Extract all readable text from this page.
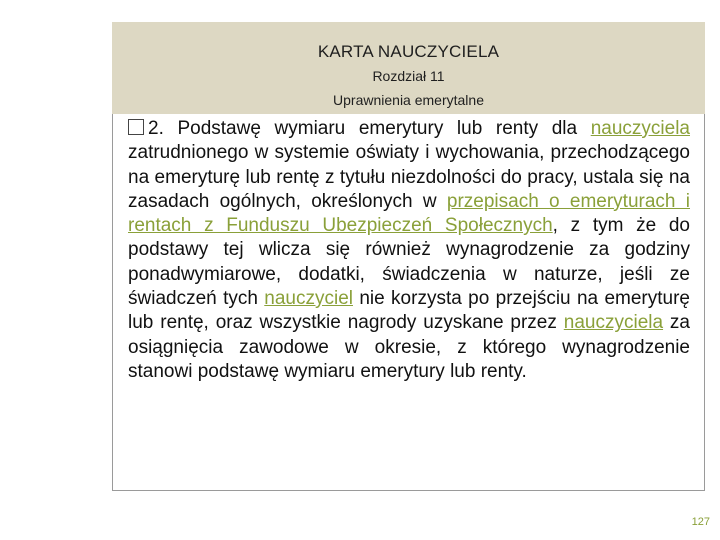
KARTA NAUCZYCIELA
Rozdział 11
Uprawnienia emerytalne
2. Podstawę wymiaru emerytury lub renty dla nauczyciela zatrudnionego w systemie oświaty i wychowania, przechodzącego na emeryturę lub rentę z tytułu niezdolności do pracy, ustala się na zasadach ogólnych, określonych w przepisach o emeryturach i rentach z Funduszu Ubezpieczeń Społecznych, z tym że do podstawy tej wlicza się również wynagrodzenie za godziny ponadwymiarowe, dodatki, świadczenia w naturze, jeśli ze świadczeń tych nauczyciel nie korzysta po przejściu na emeryturę lub rentę, oraz wszystkie nagrody uzyskane przez nauczyciela za osiągnięcia zawodowe w okresie, z którego wynagrodzenie stanowi podstawę wymiaru emerytury lub renty.
127
